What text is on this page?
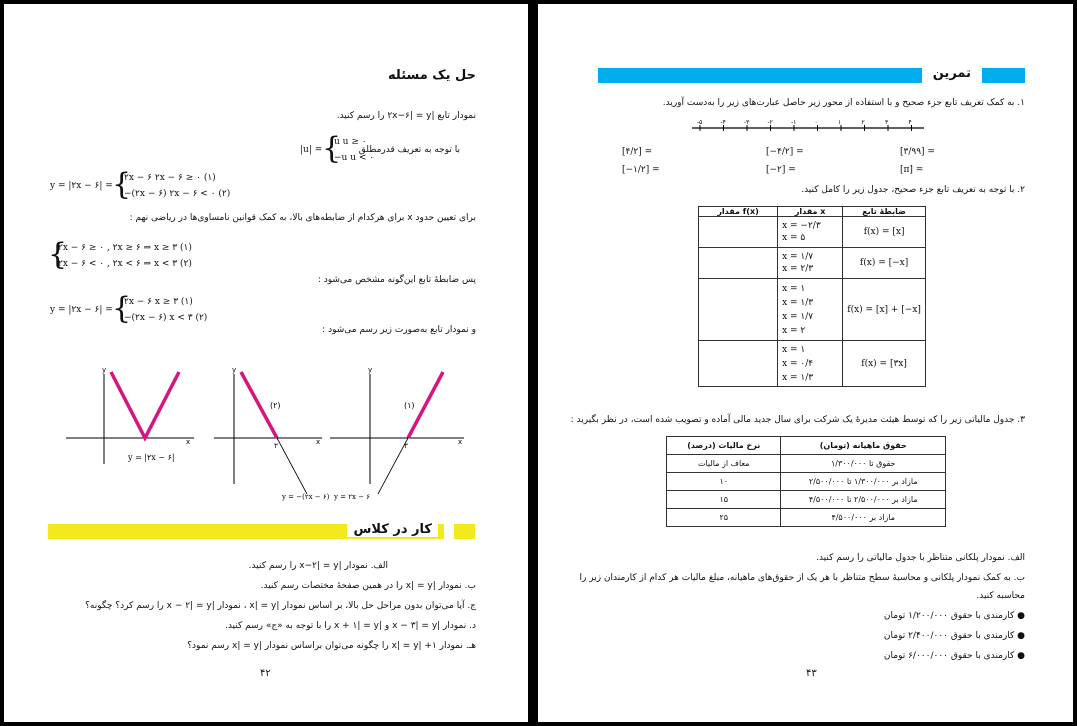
حل یک مسئله
نمودار تابع |۲x−۶| = y را رسم کنید.
با توجه به تعریف قدرمطلق
|u| = {
u u ≥ ۰
−u u < ۰
y = |۲x − ۶| = {
۲x − ۶ ۲x − ۶ ≥ ۰ (۱)
−(۲x − ۶) ۲x − ۶ < ۰ (۲)
برای تعیین حدود x برای هرکدام از ضابطه‌های بالا، به کمک قوانین نامساوی‌ها در ریاضی نهم :
{
۲x − ۶ ≥ ۰ , ۲x ≥ ۶ ⇒ x ≥ ۳ (۱)
۲x − ۶ < ۰ , ۲x < ۶ ⇒ x < ۳ (۲)
پس ضابطهٔ تابع این‌گونه مشخص می‌شود :
y = |۲x − ۶| = {
۲x − ۶ x ≥ ۳ (۱)
−(۲x − ۶) x < ۳ (۲)
و نمودار تابع به‌صورت زیر رسم می‌شود :
y
x
y = |۲x − ۶|
y
x
(۲)
۳
y
x
(۱)
۳
y = −(۲x − ۶) y = ۲x − ۶
کار در کلاس
الف. نمودار |x−۲| = y را رسم کنید.
ب. نمودار |x| = y را در همین صفحهٔ مختصات رسم کنید.
ج. آیا می‌توان بدون مراحل حل بالا، بر اساس نمودار |x| = y ، نمودار |x − ۲| = y را رسم کرد؟ چگونه؟
د. نمودار |x − ۳| = y و |x + ۱| = y را با توجه به «ج» رسم کنید.
هـ. نمودار ۱+ |x| = y را چگونه می‌توان براساس نمودار |x| = y رسم نمود؟
۴۲
تمرین
۱. به کمک تعریف تابع جزء صحیح و با استفاده از محور زیر حاصل عبارت‌های زیر را به‌دست آورید.
-۵	-۴	-۳	-۲	-۱	۰	۱	۲	۳	۴
[۳/۹۹] =
[−۴/۲] =
[۴/۲] =
[π] =
[−۲] =
[−۱/۲] =
۲. با توجه به تعریف تابع جزء صحیح، جدول زیر را کامل کنید.
مقدار f(x)	مقدار x	ضابطهٔ تابع

	x = −۲/۳
x = ۵	f(x) = [x]

	x = ۱/۷
x = ۲/۳	f(x) = [−x]

	x = ۱
x = ۱/۳
x = ۱/۷
x = ۲	f(x) = [x] + [−x]

	x = ۱
x = ۰/۴
x = ۱/۳	f(x) = [۳x]
۳. جدول مالیاتی زیر را که توسط هیئت مدیرهٔ یک شرکت برای سال جدید مالی آماده و تصویب شده است، در نظر بگیرید :
نرخ مالیات (درصد)	حقوق ماهیانه (تومان)
معاف از مالیات	حقوق تا ۱/۳۰۰/۰۰۰
۱۰	مازاد بر ۱/۳۰۰/۰۰۰ تا ۲/۵۰۰/۰۰۰
۱۵	مازاد بر ۲/۵۰۰/۰۰۰ تا ۴/۵۰۰/۰۰۰
۲۵	مازاد بر ۴/۵۰۰/۰۰۰
الف. نمودار پلکانی متناظر با جدول مالیاتی را رسم کنید.
ب. به کمک نمودار پلکانی و محاسبهٔ سطح متناظر با هر یک از حقوق‌های ماهیانه، مبلغ مالیات هر کدام از کارمندان زیر را
محاسبه کنید.
● کارمندی با حقوق ۱/۲۰۰/۰۰۰ تومان
● کارمندی با حقوق ۲/۴۰۰/۰۰۰ تومان
● کارمندی با حقوق ۶/۰۰۰/۰۰۰ تومان
۴۳
